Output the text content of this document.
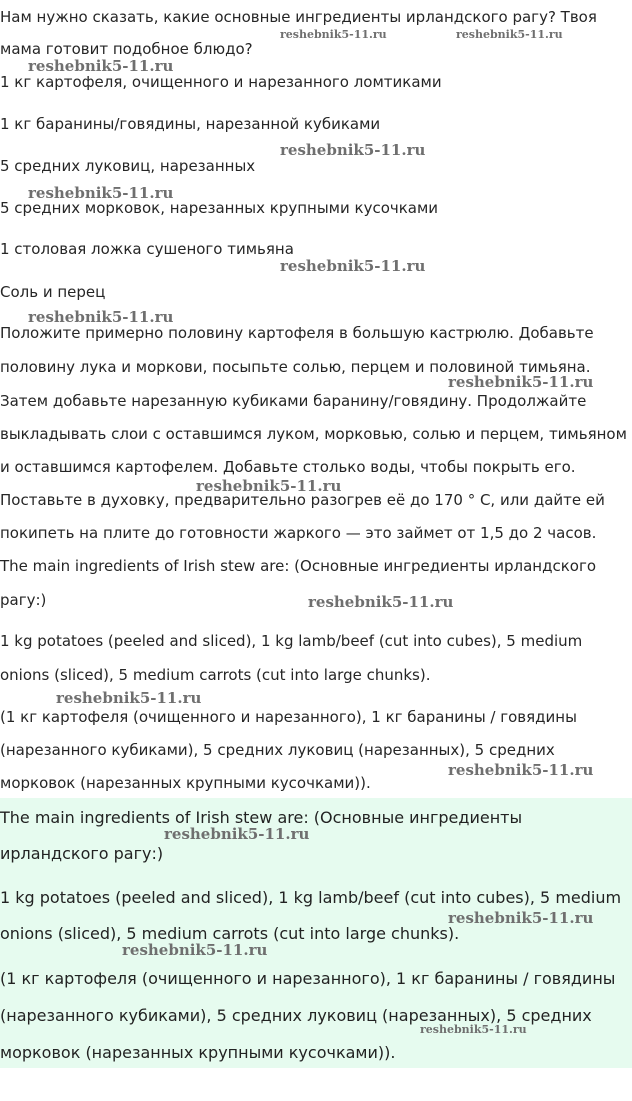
Нам нужно сказать, какие основные ингредиенты ирландского рагу? Твоя

мама готовит подобное блюдо?

1 кг картофеля, очищенного и нарезанного ломтиками

1 кг баранины/говядины, нарезанной кубиками

5 средних луковиц, нарезанных

5 средних морковок, нарезанных крупными кусочками

1 столовая ложка сушеного тимьяна

Соль и перец

Положите примерно половину картофеля в большую кастрюлю. Добавьте

половину лука и моркови, посыпьте солью, перцем и половиной тимьяна.

Затем добавьте нарезанную кубиками баранину/говядину. Продолжайте

выкладывать слои с оставшимся луком, морковью, солью и перцем, тимьяном

и оставшимся картофелем. Добавьте столько воды, чтобы покрыть его.

Поставьте в духовку, предварительно разогрев её до 170 ° C, или дайте ей

покипеть на плите до готовности жаркого — это займет от 1,5 до 2 часов.

The main ingredients of Irish stew are: (Основные ингредиенты ирландского

рагу:)

1 kg potatoes (peeled and sliced), 1 kg lamb/beef (cut into cubes), 5 medium

onions (sliced), 5 medium carrots (cut into large chunks).

(1 кг картофеля (очищенного и нарезанного), 1 кг баранины / говядины

(нарезанного кубиками), 5 средних луковиц (нарезанных), 5 средних

морковок (нарезанных крупными кусочками)).

The main ingredients of Irish stew are: (Основные ингредиенты

ирландского рагу:)

1 kg potatoes (peeled and sliced), 1 kg lamb/beef (cut into cubes), 5 medium

onions (sliced), 5 medium carrots (cut into large chunks).

(1 кг картофеля (очищенного и нарезанного), 1 кг баранины / говядины

(нарезанного кубиками), 5 средних луковиц (нарезанных), 5 средних

морковок (нарезанных крупными кусочками)).

reshebnik5-11.ru	reshebnik5-11.ru
reshebnik5-11.ru
reshebnik5-11.ru
reshebnik5-11.ru
reshebnik5-11.ru
reshebnik5-11.ru
reshebnik5-11.ru
reshebnik5-11.ru
reshebnik5-11.ru
reshebnik5-11.ru
reshebnik5-11.ru
reshebnik5-11.ru
reshebnik5-11.ru
reshebnik5-11.ru
reshebnik5-11.ru
